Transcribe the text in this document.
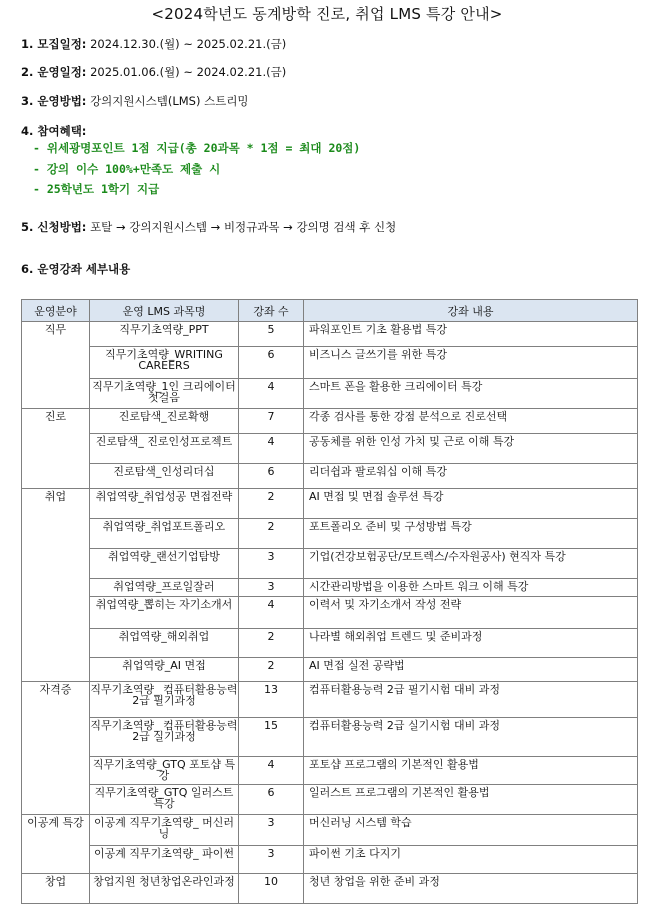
<2024학년도 동계방학 진로, 취업 LMS 특강 안내>
1. 모집일정: 2024.12.30.(월) ~ 2025.02.21.(금)
2. 운영일정: 2025.01.06.(월) ~ 2024.02.21.(금)
3. 운영방법: 강의지원시스템(LMS) 스트리밍
4. 참여혜택:
- 위세광명포인트 1점 지급(총 20과목 * 1점 = 최대 20점)
- 강의 이수 100%+만족도 제출 시
- 25학년도 1학기 지급
5. 신청방법: 포탈 → 강의지원시스템 → 비정규과목 → 강의명 검색 후 신청
6. 운영강좌 세부내용
운영분야	운영 LMS 과목명	강좌 수	강좌 내용
직무	직무기초역량_PPT	5	파워포인트 기초 활용법 특강
	직무기초역량_WRITING CAREERS	6	비즈니스 글쓰기를 위한 특강
	직무기초역량_1인 크리에이터 첫걸음	4	스마트 폰을 활용한 크리에이터 특강
진로	진로탐색_진로확행	7	각종 검사를 통한 강점 분석으로 진로선택
	진로탐색_ 진로인성프로젝트	4	공동체를 위한 인성 가치 및 근로 이해 특강
	진로탐색_인성리더십	6	리더쉽과 팔로워십 이해 특강
취업	취업역량_취업성공 면접전략	2	AI 면접 및 면접 솔루션 특강
	취업역량_취업포트폴리오	2	포트폴리오 준비 및 구성방법 특강
	취업역량_랜선기업탐방	3	기업(건강보험공단/모트렉스/수자원공사) 현직자 특강
	취업역량_프로일잘러	3	시간관리방법을 이용한 스마트 워크 이해 특강
	취업역량_뽑히는 자기소개서	4	이력서 및 자기소개서 작성 전략
	취업역량_해외취업	2	나라별 해외취업 트렌드 및 준비과정
	취업역량_AI 면접	2	AI 면접 실전 공략법
자격증	직무기초역량_ 컴퓨터활용능력2급 필기과정	13	컴퓨터활용능력 2급 필기시험 대비 과정
	직무기초역량_ 컴퓨터활용능력2급 실기과정	15	컴퓨터활용능력 2급 실기시험 대비 과정
	직무기초역량_GTQ 포토샵 특강	4	포토샵 프로그램의 기본적인 활용법
	직무기초역량_GTQ 일러스트 특강	6	일러스트 프로그램의 기본적인 활용법
이공계 특강	이공계 직무기초역량_ 머신러닝	3	머신러닝 시스템 학습
	이공계 직무기초역량_ 파이썬	3	파이썬 기초 다지기
창업	창업지원 청년창업온라인과정	10	청년 창업을 위한 준비 과정
